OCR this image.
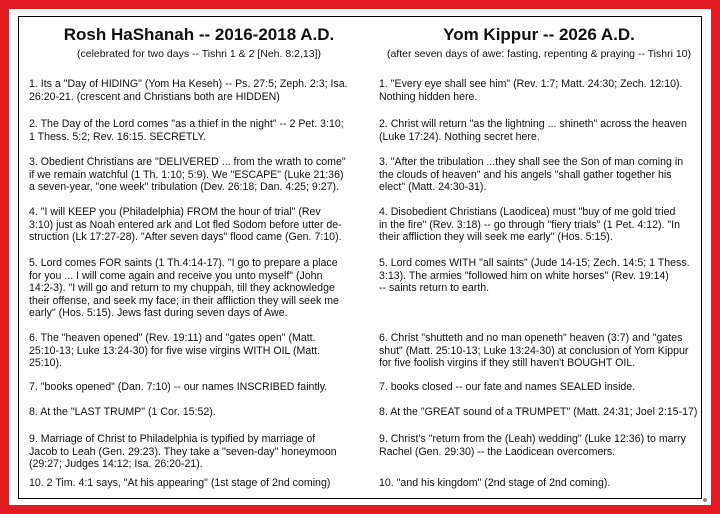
Rosh HaShanah -- 2016-2018 A.D.
(celebrated for two days -- Tishri 1 & 2 [Neh. 8:2,13])
1. Its a "Day of HIDING" (Yom Ha Keseh) -- Ps. 27:5; Zeph. 2:3; Isa.
26:20-21. (crescent and Christians both are HIDDEN)
2. The Day of the Lord comes "as a thief in the night" -- 2 Pet. 3:10;
1 Thess. 5:2; Rev. 16:15. SECRETLY.
3. Obedient Christians are "DELIVERED ... from the wrath to come"
if we remain watchful (1 Th. 1:10; 5:9). We "ESCAPE" (Luke 21:36)
a seven-year, "one week" tribulation (Dev. 26:18; Dan. 4:25; 9:27).
4. "I will KEEP you (Philadelphia) FROM the hour of trial" (Rev
3:10) just as Noah entered ark and Lot fled Sodom before utter de-
struction (Lk 17:27-28). "After seven days" flood came (Gen. 7:10).
5. Lord comes FOR saints (1 Th.4:14-17). "I go to prepare a place
for you ... I will come again and receive you unto myself" (John
14:2-3). "I will go and return to my chuppah, till they acknowledge
their offense, and seek my face; in their affliction they will seek me
early" (Hos. 5:15). Jews fast during seven days of Awe.
6. The "heaven opened" (Rev. 19:11) and "gates open" (Matt.
25:10-13; Luke 13:24-30) for five wise virgins WITH OIL (Matt.
25:10).
7. "books opened" (Dan. 7:10) -- our names INSCRIBED faintly.
8. At the "LAST TRUMP" (1 Cor. 15:52).
9. Marriage of Christ to Philadelphia is typified by marriage of
Jacob to Leah (Gen. 29:23). They take a "seven-day" honeymoon
(29:27; Judges 14:12; Isa. 26:20-21).
10. 2 Tim. 4:1 says, "At his appearing" (1st stage of 2nd coming)
Yom Kippur -- 2026 A.D.
(after seven days of awe: fasting, repenting & praying -- Tishri 10)
1. "Every eye shall see him" (Rev. 1:7; Matt. 24:30; Zech. 12:10).
Nothing hidden here.
2. Christ will return "as the lightning ... shineth" across the heaven
(Luke 17:24). Nothing secret here.
3. "After the tribulation ...they shall see the Son of man coming in
the clouds of heaven" and his angels "shall gather together his
elect" (Matt. 24:30-31).
4. Disobedient Christians (Laodicea) must "buy of me gold tried
in the fire" (Rev. 3:18) -- go through "fiery trials" (1 Pet. 4:12). "In
their affliction they will seek me early" (Hos. 5:15).
5. Lord comes WITH "all saints" (Jude 14-15; Zech. 14:5; 1 Thess.
3:13). The armies "followed him on white horses" (Rev. 19:14)
-- saints return to earth.
6. Christ "shutteth and no man openeth" heaven (3:7) and "gates
shut" (Matt. 25:10-13; Luke 13:24-30) at conclusion of Yom Kippur
for five foolish virgins if they still haven't BOUGHT OIL.
7. books closed -- our fate and names SEALED inside.
8. At the "GREAT sound of a TRUMPET" (Matt. 24:31; Joel 2:15-17)
9. Christ's "return from the (Leah) wedding" (Luke 12:36) to marry
Rachel (Gen. 29:30) -- the Laodicean overcomers.
10. "and his kingdom" (2nd stage of 2nd coming).
